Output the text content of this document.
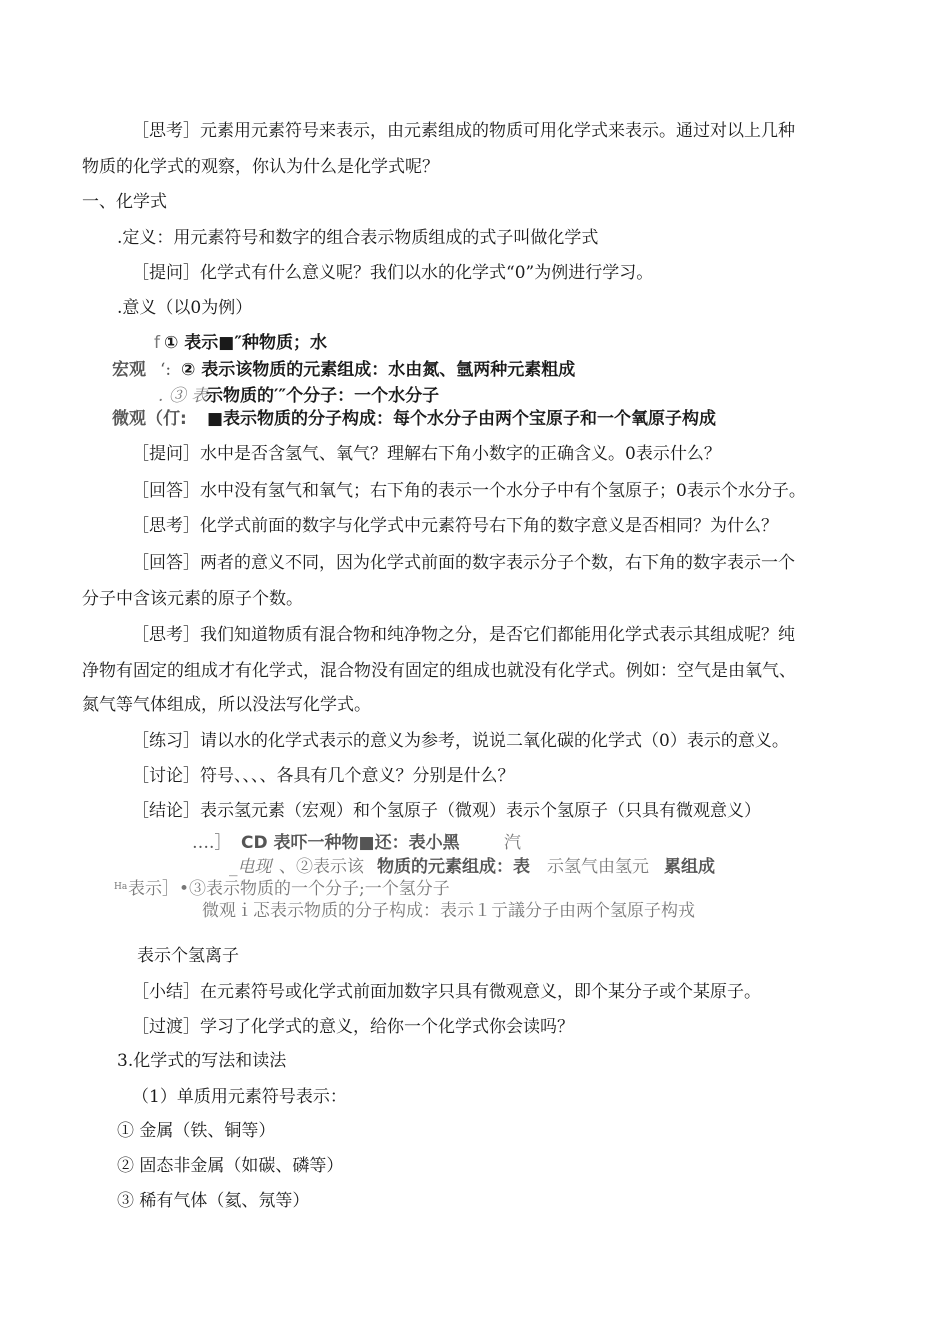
［思考］元素用元素符号来表示，由元素组成的物质可用化学式来表示。通过对以上几种
物质的化学式的观察，你认为什么是化学式呢？
一、化学式
.定义：用元素符号和数字的组合表示物质组成的式子叫做化学式
［提问］化学式有什么意义呢？我们以水的化学式“0”为例进行学习。
.意义（以0为例）
f ① 表示■″种物质；水
宏观 ‘: ② 表示该物质的元素组成：水由氮、氬两种元素粗成
. ③ 表
示物质的′″个分子：一个水分子
微观（仃: ■表示物质的分子构成：每个水分子由两个宝原子和一个氧原子构成
［提问］水中是否含氢气、氧气？理解右下角小数字的正确含义。0表示什么？
［回答］水中没有氢气和氧气；右下角的表示一个水分子中有个氢原子；0表示个水分子。
［思考］化学式前面的数字与化学式中元素符号右下角的数字意义是否相同？为什么？
［回答］两者的意义不同，因为化学式前面的数字表示分子个数，右下角的数字表示一个
分子中含该元素的原子个数。
［思考］我们知道物质有混合物和纯净物之分，是否它们都能用化学式表示其组成呢？纯
净物有固定的组成才有化学式，混合物没有固定的组成也就没有化学式。例如：空气是由氧气、
氮气等气体组成，所以没法写化学式。
［练习］请以水的化学式表示的意义为参考，说说二氧化碳的化学式（0）表示的意义。
［讨论］符号、、、、各具有几个意义？分别是什么？
［结论］表示氢元素（宏观）和个氢原子（微观）表示个氢原子（只具有微观意义）
….］ CD 表吓一种物■还：表小黑	汽
_电现 、②表示该 物质的元素组成：表 示氢气由氢元 累组成
Ha 表示］•③表示物质的一个分子;一个氢分子
微观ｉ忑表示物质的分子构成：表示１亍議分子由两个氢原子构戎
表示个氢离子
［小结］在元素符号或化学式前面加数字只具有微观意义，即个某分子或个某原子。
［过渡］学习了化学式的意义，给你一个化学式你会读吗？
3.化学式的写法和读法
（1）单质用元素符号表示：
① 金属（铁、铜等）
② 固态非金属（如碳、磷等）
③ 稀有气体（氦、氖等）
